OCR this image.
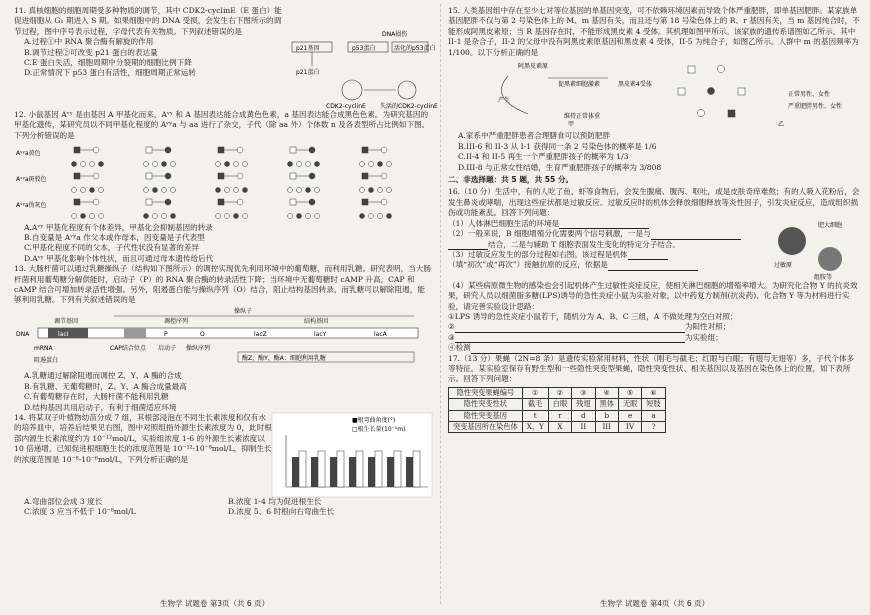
11. 真核细胞的细胞周期受多种物质的调节，其中 CDK2-cyclinE（E 蛋白）能促进细胞从 G₁ 期进入 S 期。如果细胞中的 DNA 受损，会发生右下图所示的调节过程，图中序号表示过程，字母代表有关物质。下列叙述错误的是

A.过程①中 RNA 聚合酶有解旋的作用

B.调节过程②可改变 p21 蛋白的表达量

C.E 蛋白失活，细胞周期中分裂期的细胞比例下降

D.正常情况下 p53 蛋白有活性，细胞周期正常运转

DNA损伤
p21基因	p53蛋白	活化的p53蛋白
p21蛋白
CDK2-cyclinE 失活的CDK2-cyclinE

12. 小鼠基因 Aᵛʸ 是由基因 A 甲基化而来，Aᵛʸ 和 A 基因表达能合成黄色色素，a 基因表达能合成黑色色素。为研究基因的甲基化遗传，某研究员以不同甲基化程度的 Aᵛʸa 与 aa 进行了杂交，子代（除 aa 外）个体数 n 及各表型所占比例如下图。下列分析错误的是

Aᵛʸa黄色
Aᵛʸa斑驳色
Aᵛʸa伪灰色

A.Aᵛʸ 甲基化程度有个体差异，甲基化会抑制基因的转录

B.自变量是 Aᵛʸa 作父本或作母本，因变量是子代表型

C.甲基化程度不同的父本，子代性状没有显著的差异

D.Aᵛʸ 甲基化影响个体性状，而且可通过母本遗传给后代

13. 大肠杆菌可以通过乳糖操纵子（结构如下图所示）的调控实现优先利用环境中的葡萄糖，而利用乳糖。研究表明，当大肠杆菌利用葡萄糖分解供能时，启动子（P）的 RNA 聚合酶的转录活性下降；当环境中无葡萄糖时 cAMP 升高，CAP 和 cAMP 结合可增加转录活性增强。另外，阻遏蛋白能与操纵序列（O）结合，阻止结构基因转录，而乳糖可以解除阻遏，能够利用乳糖。下列有关叙述错误的是

操纵子
调节基因	调控序列	结构基因
DNA	lacI	P	O	lacZ	lacY	lacA
mRNA
阻遏蛋白
CAP结合位点 启动子 操纵序列
酶Z、酶Y、酶A：细胞利用乳糖

A.乳糖通过解除阻遏而调控 Z、Y、A 酶的合成

B.有乳糖、无葡萄糖时，Z、Y、A 酶合成量最高

C.有葡萄糖存在时，大肠杆菌不能利用乳糖

D.结构基因共用启动子，有利于细菌适应环境

14. 将某双子叶植物幼苗分成 7 组，其根部浸泡在不同生长素浓度和仅有水的培养皿中，培养后结果见右图，图中对照组指外源生长素浓度为 0，此时根部内源生长素浓度约为 10⁻¹²mol/L，实验组浓度 1-6 的外源生长素浓度以 10 倍递增，已知促进根细胞生长的浓度范围是 10⁻¹²-10⁻⁸mol/L，抑制生长的浓度范围是 10⁻⁸-10⁻⁶mol/L，下列分析正确的是

■根弯曲角度(°)
□根生长量(10⁻¹m)
A.弯曲部位会成 3 度长	B.浓度 1-4 均为促进根生长
C.浓度 3 应当不低于 10⁻⁸mol/L	D.浓度 5、6 时根向右弯曲生长
生物学 试题卷 第3页（共 6 页）

15. 人类基因组中存在至少七对等位基因的单基因突变，可不依赖环境因素而导致个体严重肥胖，即单基因肥胖。某家族单基因肥胖不仅与第 2 号染色体上的 M、m 基因有关，而且还与第 18 号染色体上的 R、r 基因有关，当 m 基因纯合时，不能形成阿黑皮素原；当 R 基因存在时，不能形成黑皮素 4 受体。其机理如图甲所示。该家族的遗传系谱图如乙所示，其中 II-1 是杂合子，II-2 的父母中没有阿黑皮素原基因和黑皮素 4 受体，II-5 为纯合子，如图乙所示。人群中 m 的基因频率为 1/100。以下分析正确的是

阿黑皮素原
促黑素细胞激素	黑皮素4受体
维持正常体重
产生
甲	乙
正常男性、女性
严重肥胖男性、女性

A.家系中严重肥胖患者合理膳食可以预防肥胖

B.III-6 和 II-3 从 I-1 获得同一条 2 号染色体的概率是 1/6

C.II-4 和 II-5 再生一个严重肥胖孩子的概率为 1/3

D.III-8 与正常女性结婚，生育严重肥胖孩子的概率为 3/808

二、非选择题：共 5 题，共 55 分。

16.（10 分）生活中，有的人吃了鱼、虾等食物后，会发生腹痛、腹泻、呕吐，或是皮肤奇痒难熬；有的人吸入花粉后，会发生鼻炎或哮喘，出现这些症状都是过敏反应。过敏反应时的机体会释放细胞释放等炎性因子，引发炎症反应，造成组织损伤或功能紊乱。回答下列问题：

（1）人体淋巴细胞生活的环境是

（2）一般来说，B 细胞增殖分化需要两个信号刺激，一是与

结合，二是与辅助 T 细胞表面发生变化的特定分子结合。

（3）过敏反应发生的部分过程如右图。该过程是机体

（填“初次”或“再次”）接触抗原的反应，依据是	过敏原
肥大细胞
组胺等

（4）某些病原微生物的感染也会引起机体产生过敏性炎症反应，使相关淋巴细胞的增殖率增大。为研究化合物 Y 的抗炎效果，研究人员以细菌脂多糖(LPS)诱导的急性炎症小鼠为实验对象，以中药复方制剂(抗炎药)、化合物 Y 等为材料进行实验，请完善实验设计思路：

①LPS 诱导的急性炎症小鼠若干，随机分为 A、B、C 三组，A 不做处理为空白对照；

②	为阳性对照；

③	为实验组；

④检测

17.（13 分）果蝇（2N=8 条）是遗传实验常用材料，性状（刚毛与截毛；红眼与白眼；有翅与无翅等）多，子代个体多等特征。某实验室保存有野生型和一些隐性突变型果蝇，隐性突变性状、相关基因以及基因在染色体上的位置，如下表所示。回答下列问题：

隐性突变果蝇编号	①	②	③	④	⑤	⑥
隐性突变性状	截毛	白眼	残翅	黑体	无眼	短肢
隐性突变基因	t	r	d	b	e	a
突变基因所在染色体	X、Y	X	II	III	IV	?
生物学 试题卷 第4页（共 6 页）
